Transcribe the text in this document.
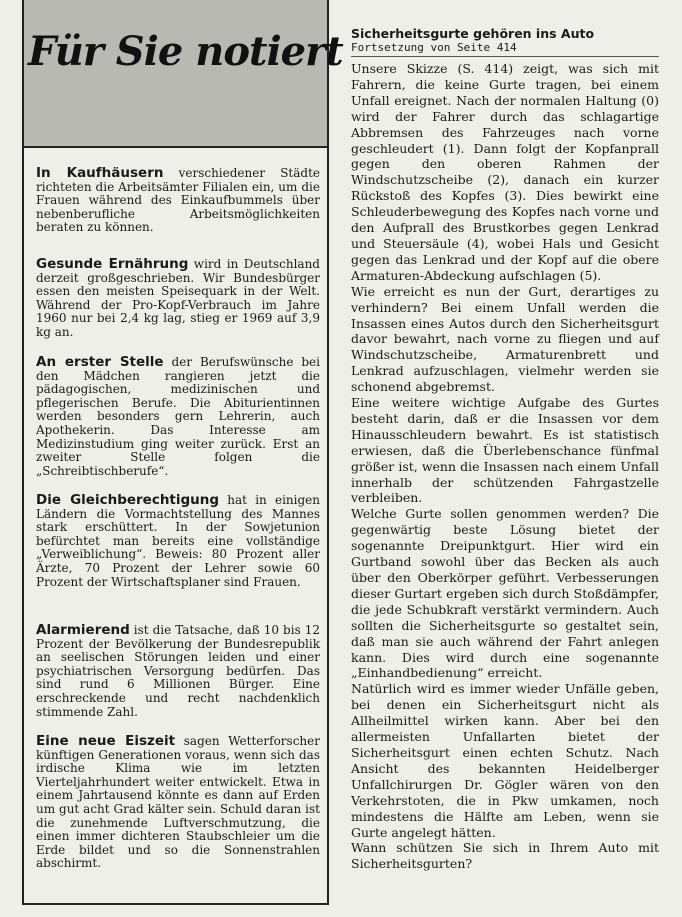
Für Sie notiert
In Kaufhäusern verschiedener Städte richteten die Arbeitsämter Filialen ein, um die Frauen während des Einkaufbummels über nebenberufliche Arbeitsmöglichkeiten beraten zu können.
Gesunde Ernährung wird in Deutschland derzeit großgeschrieben. Wir Bundesbürger essen den meisten Speisequark in der Welt. Während der Pro-Kopf-Verbrauch im Jahre 1960 nur bei 2,4 kg lag, stieg er 1969 auf 3,9 kg an.
An erster Stelle der Berufswünsche bei den Mädchen rangieren jetzt die pädagogischen, medizinischen und pflegerischen Berufe. Die Abiturientinnen werden besonders gern Lehrerin, auch Apothekerin. Das Interesse am Medizinstudium ging weiter zurück. Erst an zweiter Stelle folgen die „Schreibtischberufe“.
Die Gleichberechtigung hat in einigen Ländern die Vormachtstellung des Mannes stark erschüttert. In der Sowjetunion befürchtet man bereits eine vollständige „Verweiblichung“. Beweis: 80 Prozent aller Ärzte, 70 Prozent der Lehrer sowie 60 Prozent der Wirtschaftsplaner sind Frauen.
Alarmierend ist die Tatsache, daß 10 bis 12 Prozent der Bevölkerung der Bundesrepublik an seelischen Störungen leiden und einer psychiatrischen Versorgung bedürfen. Das sind rund 6 Millionen Bürger. Eine erschreckende und recht nachdenklich stimmende Zahl.
Eine neue Eiszeit sagen Wetterforscher künftigen Generationen voraus, wenn sich das irdische Klima wie im letzten Vierteljahrhundert weiter entwickelt. Etwa in einem Jahrtausend könnte es dann auf Erden um gut acht Grad kälter sein. Schuld daran ist die zunehmende Luftverschmutzung, die einen immer dichteren Staubschleier um die Erde bildet und so die Sonnenstrahlen abschirmt.
Sicherheitsgurte gehören ins Auto
Fortsetzung von Seite 414

Unsere Skizze (S. 414) zeigt, was sich mit Fahrern, die keine Gurte tragen, bei einem Unfall ereignet. Nach der normalen Haltung (0) wird der Fahrer durch das schlagartige Abbremsen des Fahrzeuges nach vorne geschleudert (1). Dann folgt der Kopfanprall gegen den oberen Rahmen der Windschutzscheibe (2), danach ein kurzer Rückstoß des Kopfes (3). Dies bewirkt eine Schleuderbewegung des Kopfes nach vorne und den Aufprall des Brustkorbes gegen Lenkrad und Steuersäule (4), wobei Hals und Gesicht gegen das Lenkrad und der Kopf auf die obere Armaturen-Abdeckung aufschlagen (5).

Wie erreicht es nun der Gurt, derartiges zu verhindern? Bei einem Unfall werden die Insassen eines Autos durch den Sicherheitsgurt davor bewahrt, nach vorne zu fliegen und auf Windschutzscheibe, Armaturenbrett und Lenkrad aufzuschlagen, vielmehr werden sie schonend abgebremst.

Eine weitere wichtige Aufgabe des Gurtes besteht darin, daß er die Insassen vor dem Hinausschleudern bewahrt. Es ist statistisch erwiesen, daß die Überlebenschance fünfmal größer ist, wenn die Insassen nach einem Unfall innerhalb der schützenden Fahrgastzelle verbleiben.

Welche Gurte sollen genommen werden? Die gegenwärtig beste Lösung bietet der sogenannte Dreipunktgurt. Hier wird ein Gurtband sowohl über das Becken als auch über den Oberkörper geführt. Verbesserungen dieser Gurtart ergeben sich durch Stoßdämpfer, die jede Schubkraft verstärkt vermindern. Auch sollten die Sicherheitsgurte so gestaltet sein, daß man sie auch während der Fahrt anlegen kann. Dies wird durch eine sogenannte „Einhandbedienung“ erreicht.

Natürlich wird es immer wieder Unfälle geben, bei denen ein Sicherheitsgurt nicht als Allheilmittel wirken kann. Aber bei den allermeisten Unfallarten bietet der Sicherheitsgurt einen echten Schutz. Nach Ansicht des bekannten Heidelberger Unfallchirurgen Dr. Gögler wären von den Verkehrstoten, die in Pkw umkamen, noch mindestens die Hälfte am Leben, wenn sie Gurte angelegt hätten.

Wann schützen Sie sich in Ihrem Auto mit Sicherheitsgurten?
